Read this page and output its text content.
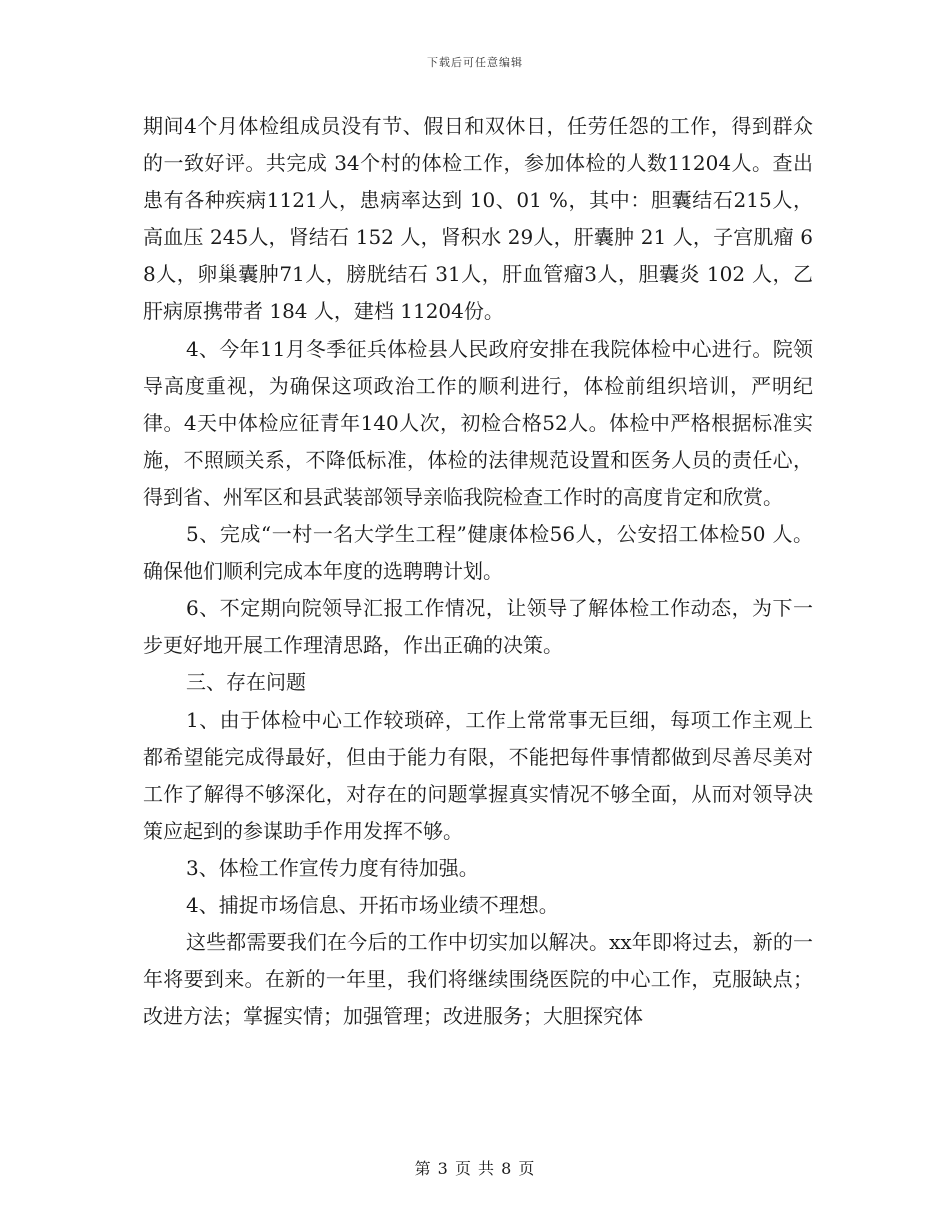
下载后可任意编辑

期间4个月体检组成员没有节、假日和双休日，任劳任怨的工作，得到群众的一致好评。共完成 34个村的体检工作，参加体检的人数11204人。查出患有各种疾病1121人，患病率达到 10、01 %，其中：胆囊结石215人，高血压 245人，肾结石 152 人，肾积水 29人，肝囊肿 21 人，子宫肌瘤 68人，卵巢囊肿71人，膀胱结石 31人，肝血管瘤3人，胆囊炎 102 人，乙肝病原携带者 184 人，建档 11204份。

4、今年11月冬季征兵体检县人民政府安排在我院体检中心进行。院领导高度重视，为确保这项政治工作的顺利进行，体检前组织培训，严明纪律。4天中体检应征青年140人次，初检合格52人。体检中严格根据标准实施，不照顾关系，不降低标准，体检的法律规范设置和医务人员的责任心，得到省、州军区和县武装部领导亲临我院检查工作时的高度肯定和欣赏。

5、完成“一村一名大学生工程”健康体检56人，公安招工体检50 人。确保他们顺利完成本年度的选聘聘计划。

6、不定期向院领导汇报工作情况，让领导了解体检工作动态，为下一步更好地开展工作理清思路，作出正确的决策。

三、存在问题

1、由于体检中心工作较琐碎，工作上常常事无巨细，每项工作主观上都希望能完成得最好，但由于能力有限，不能把每件事情都做到尽善尽美对工作了解得不够深化，对存在的问题掌握真实情况不够全面，从而对领导决策应起到的参谋助手作用发挥不够。

3、体检工作宣传力度有待加强。

4、捕捉市场信息、开拓市场业绩不理想。

这些都需要我们在今后的工作中切实加以解决。xx年即将过去，新的一年将要到来。在新的一年里，我们将继续围绕医院的中心工作，克服缺点；改进方法；掌握实情；加强管理；改进服务；大胆探究体

第 3 页 共 8 页
